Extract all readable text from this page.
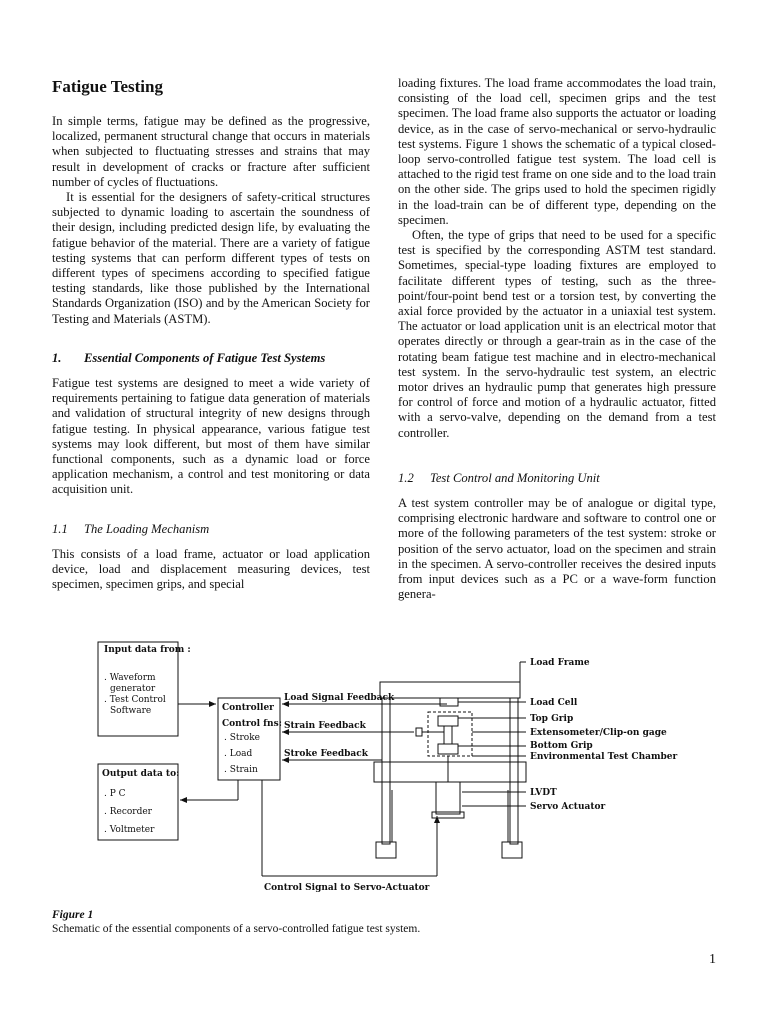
Fatigue Testing

In simple terms, fatigue may be defined as the progressive, localized, permanent structural change that occurs in materials when subjected to fluctuating stresses and strains that may result in development of cracks or fracture after sufficient number of cycles of fluctuations.

It is essential for the designers of safety-critical structures subjected to dynamic loading to ascertain the soundness of their design, including predicted design life, by evaluating the fatigue behavior of the material. There are a variety of fatigue testing systems that can perform different types of tests on different types of specimens according to specified fatigue testing standards, like those published by the International Standards Organization (ISO) and by the American Society for Testing and Materials (ASTM).

1. Essential Components of Fatigue Test Systems

Fatigue test systems are designed to meet a wide variety of requirements pertaining to fatigue data generation of materials and validation of structural integrity of new designs through fatigue testing. In physical appearance, various fatigue test systems may look different, but most of them have similar functional components, such as a dynamic load or force application mechanism, a control and test monitoring or data acquisition unit.

1.1 The Loading Mechanism

This consists of a load frame, actuator or load application device, load and displacement measuring devices, test specimen, specimen grips, and special

loading fixtures. The load frame accommodates the load train, consisting of the load cell, specimen grips and the test specimen. The load frame also supports the actuator or loading device, as in the case of servo-mechanical or servo-hydraulic test systems. Figure 1 shows the schematic of a typical closed-loop servo-controlled fatigue test system. The load cell is attached to the rigid test frame on one side and to the load train on the other side. The grips used to hold the specimen rigidly in the load-train can be of different type, depending on the specimen.

Often, the type of grips that need to be used for a specific test is specified by the corresponding ASTM test standard. Sometimes, special-type loading fixtures are employed to facilitate different types of testing, such as the three-point/four-point bend test or a torsion test, by converting the axial force provided by the actuator in a uniaxial test system. The actuator or load application unit is an electrical motor that operates directly or through a gear-train as in the case of the rotating beam fatigue test machine and in electro-mechanical test system. In the servo-hydraulic test system, an electric motor drives an hydraulic pump that generates high pressure for control of force and motion of a hydraulic actuator, fitted with a servo-valve, depending on the demand from a test controller.

1.2 Test Control and Monitoring Unit

A test system controller may be of analogue or digital type, comprising electronic hardware and software to control one or more of the following parameters of the test system: stroke or position of the servo actuator, load on the specimen and strain in the specimen. A servo-controller receives the desired inputs from input devices such as a PC or a wave-form function genera-

Input data from :
. Waveform
generator
. Test Control
Software	Controller
Control fns:
. Stroke
. Load
. Strain
Output data to:
. P C
. Recorder
. Voltmeter
Load Signal Feedback
Strain Feedback
Stroke Feedback
Control Signal to Servo-Actuator
Load Frame
Load Cell
Top Grip
Extensometer/Clip-on gage
Bottom Grip
Environmental Test Chamber
LVDT
Servo Actuator
Figure 1
Schematic of the essential components of a servo-controlled fatigue test system.
1
